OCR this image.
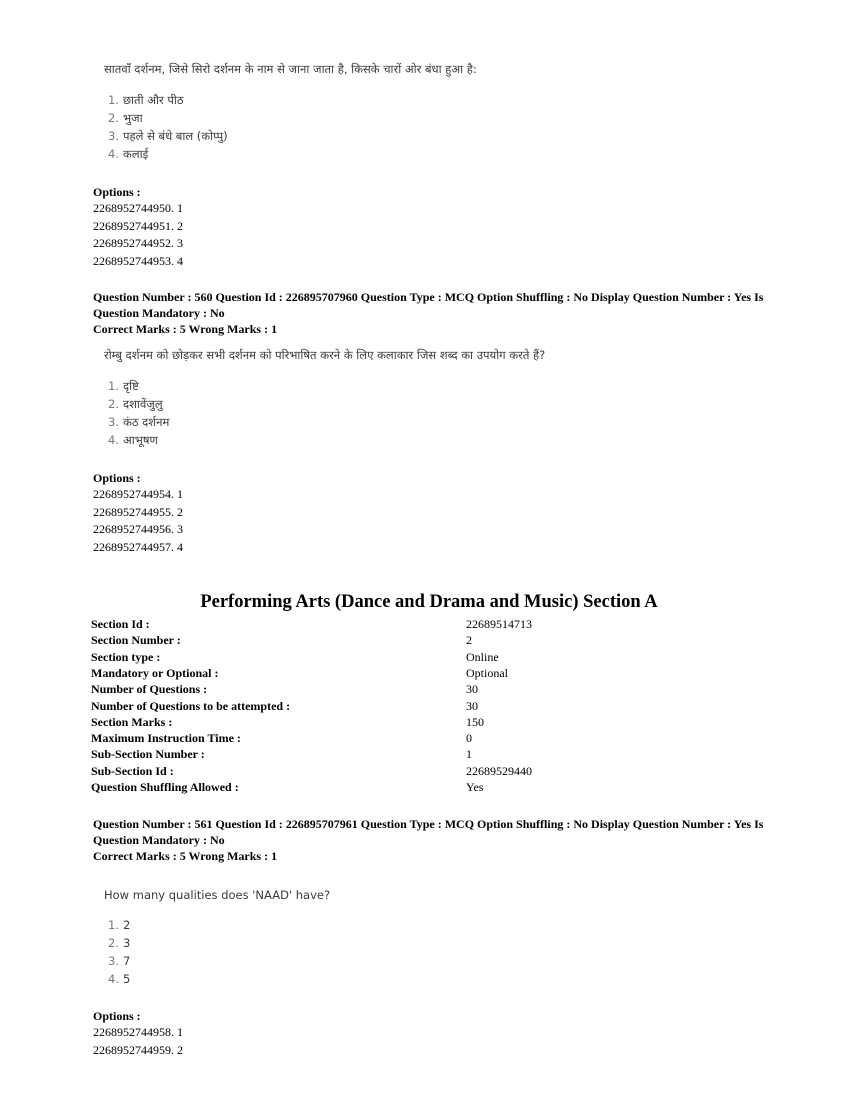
सातवाँ दर्शनम, जिसे सिरो दर्शनम के नाम से जाना जाता है, किसके चारों ओर बंधा हुआ है:
1. छाती और पीठ
2. भुजा
3. पहले से बंधे बाल (कोप्पु)
4. कलाई
Options :
2268952744950. 1
2268952744951. 2
2268952744952. 3
2268952744953. 4
Question Number : 560 Question Id : 226895707960 Question Type : MCQ Option Shuffling : No Display Question Number : Yes Is
Question Mandatory : No
Correct Marks : 5 Wrong Marks : 1
रोम्बु दर्शनम को छोड़कर सभी दर्शनम को परिभाषित करने के लिए कलाकार जिस शब्द का उपयोग करते हैं?
1. दृष्टि
2. दशावेंजुलु
3. कंठ दर्शनम
4. आभूषण
Options :
2268952744954. 1
2268952744955. 2
2268952744956. 3
2268952744957. 4
Performing Arts (Dance and Drama and Music) Section A
Section Id :	22689514713
Section Number :	2
Section type :	Online
Mandatory or Optional :	Optional
Number of Questions :	30
Number of Questions to be attempted :	30
Section Marks :	150
Maximum Instruction Time :	0
Sub-Section Number :	1
Sub-Section Id :	22689529440
Question Shuffling Allowed :	Yes
Question Number : 561 Question Id : 226895707961 Question Type : MCQ Option Shuffling : No Display Question Number : Yes Is
Question Mandatory : No
Correct Marks : 5 Wrong Marks : 1
How many qualities does 'NAAD' have?
1. 2
2. 3
3. 7
4. 5
Options :
2268952744958. 1
2268952744959. 2
